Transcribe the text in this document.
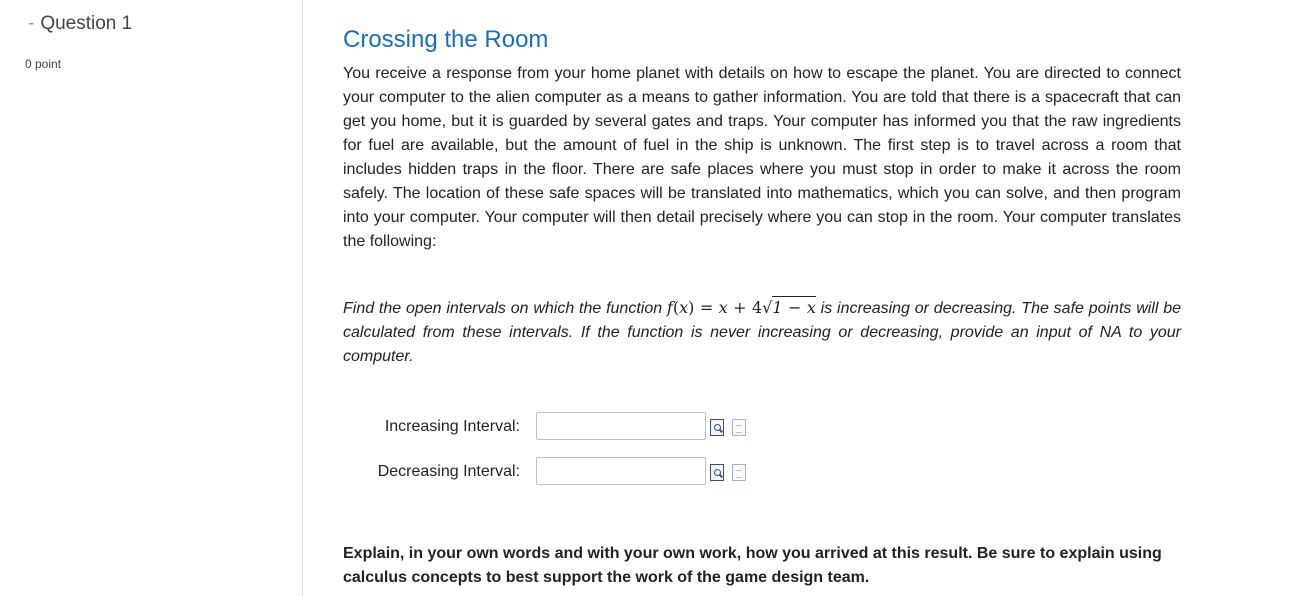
- Question 1
0 point
Crossing the Room

You receive a response from your home planet with details on how to escape the planet. You are directed to connect your computer to the alien computer as a means to gather information. You are told that there is a spacecraft that can get you home, but it is guarded by several gates and traps. Your computer has informed you that the raw ingredients for fuel are available, but the amount of fuel in the ship is unknown. The first step is to travel across a room that includes hidden traps in the floor. There are safe places where you must stop in order to make it across the room safely. The location of these safe spaces will be translated into mathematics, which you can solve, and then program into your computer. Your computer will then detail precisely where you can stop in the room. Your computer translates the following:

Find the open intervals on which the function f(x) = x + 4√1 − x is increasing or decreasing. The safe points will be calculated from these intervals. If the function is never increasing or decreasing, provide an input of NA to your computer.

Increasing Interval:
Decreasing Interval:

Explain, in your own words and with your own work, how you arrived at this result. Be sure to explain using calculus concepts to best support the work of the game design team.
